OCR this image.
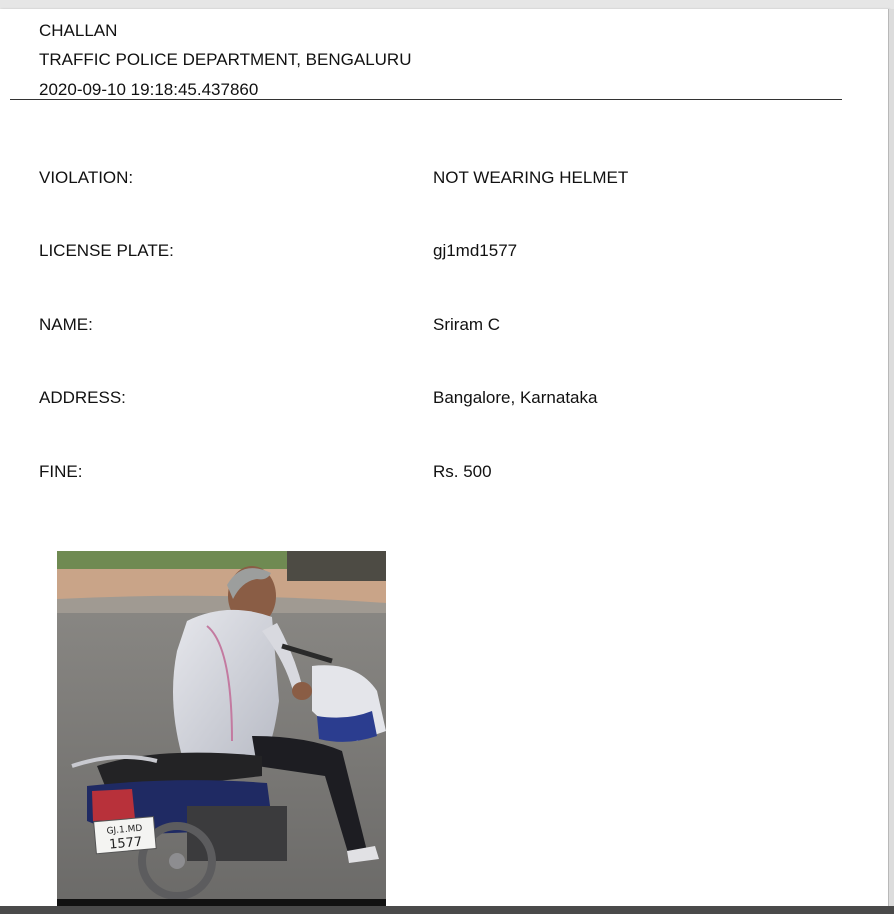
CHALLAN
TRAFFIC POLICE DEPARTMENT, BENGALURU
2020-09-10 19:18:45.437860
VIOLATION:	NOT WEARING HELMET
LICENSE PLATE:	gj1md1577
NAME:	Sriram C
ADDRESS:	Bangalore, Karnataka
FINE:	Rs. 500
GJ.1.MD
1577
